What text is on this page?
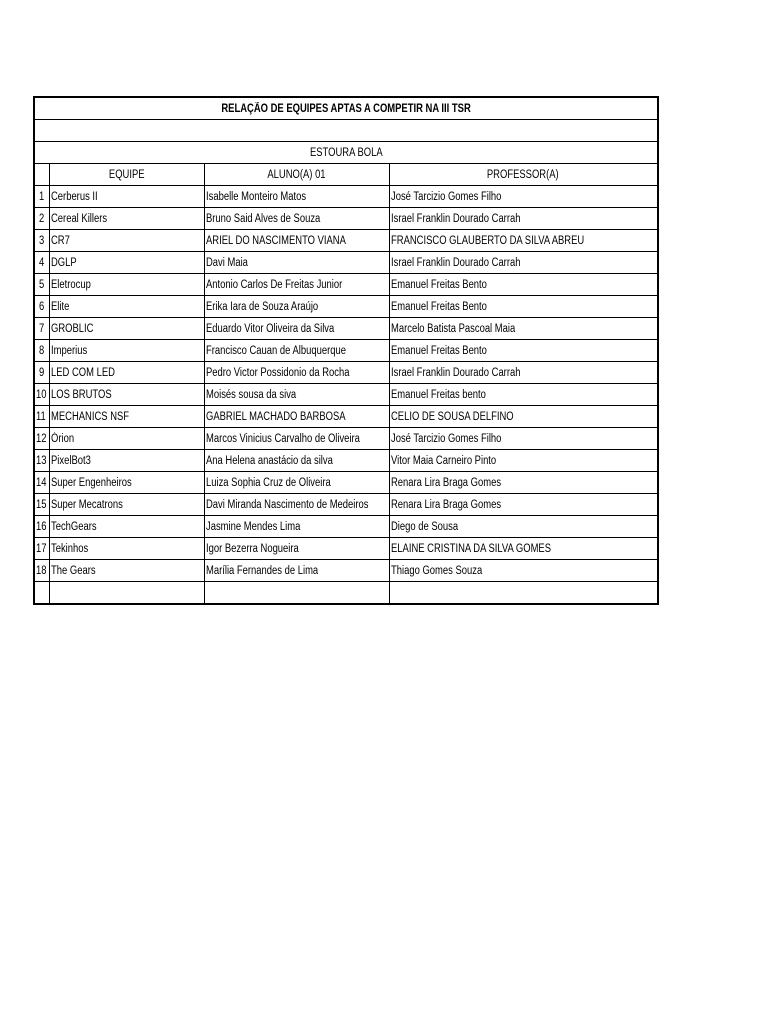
RELAÇÃO DE EQUIPES APTAS A COMPETIR NA III TSR			

ESTOURA BOLA			
	EQUIPE	ALUNO(A) 01	PROFESSOR(A)
1	Cerberus II	Isabelle Monteiro Matos	José Tarcizio Gomes Filho
2	Cereal Killers	Bruno Said Alves de Souza	Israel Franklin Dourado Carrah
3	CR7	ARIEL DO NASCIMENTO VIANA	FRANCISCO GLAUBERTO DA SILVA ABREU
4	DGLP	Davi Maia	Israel Franklin Dourado Carrah
5	Eletrocup	Antonio Carlos De Freitas Junior	Emanuel Freitas Bento
6	Elite	Erika Iara de Souza Araújo	Emanuel Freitas Bento
7	GROBLIC	Eduardo Vitor Oliveira da Silva	Marcelo Batista Pascoal Maia
8	Imperius	Francisco Cauan de Albuquerque	Emanuel Freitas Bento
9	LED COM LED	Pedro Victor Possidonio da Rocha	Israel Franklin Dourado Carrah
10	LOS BRUTOS	Moisés sousa da siva	Emanuel Freitas bento
11	MECHANICS NSF	GABRIEL MACHADO BARBOSA	CELIO DE SOUSA DELFINO
12	Órion	Marcos Vinicius Carvalho de Oliveira	José Tarcizio Gomes Filho
13	PixelBot3	Ana Helena anastácio da silva	Vitor Maia Carneiro Pinto
14	Super Engenheiros	Luiza Sophia Cruz de Oliveira	Renara Lira Braga Gomes
15	Super Mecatrons	Davi Miranda Nascimento de Medeiros	Renara Lira Braga Gomes
16	TechGears	Jasmine Mendes Lima	Diego de Sousa
17	Tekinhos	Igor Bezerra Nogueira	ELAINE CRISTINA DA SILVA GOMES
18	The Gears	Marília Fernandes de Lima	Thiago Gomes Souza
